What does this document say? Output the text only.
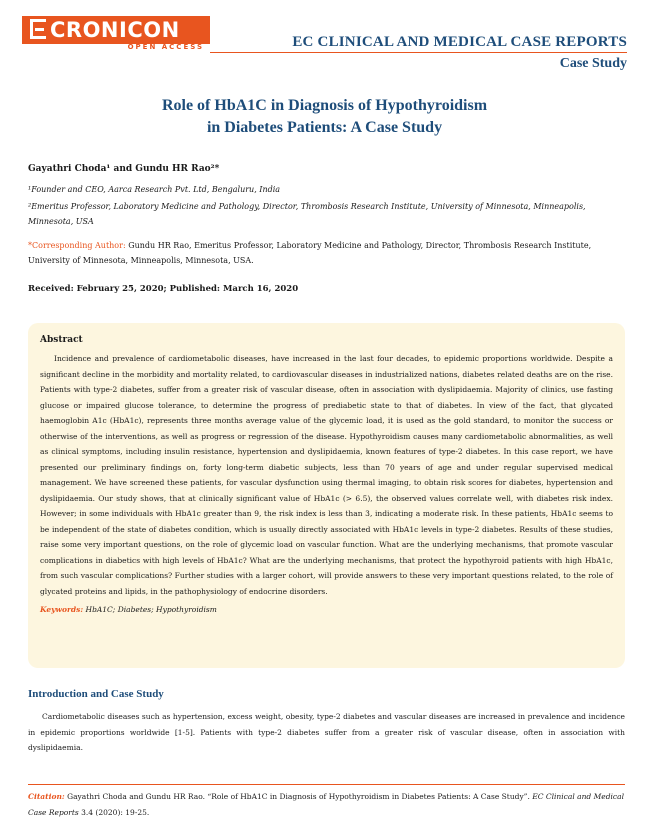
CRONICON
OPEN ACCESS	EC CLINICAL AND MEDICAL CASE REPORTS
Case Study
Role of HbA1C in Diagnosis of Hypothyroidism
in Diabetes Patients: A Case Study
Gayathri Choda¹ and Gundu HR Rao²*
¹Founder and CEO, Aarca Research Pvt. Ltd, Bengaluru, India
²Emeritus Professor, Laboratory Medicine and Pathology, Director, Thrombosis Research Institute, University of Minnesota, Minneapolis, Minnesota, USA
*Corresponding Author: Gundu HR Rao, Emeritus Professor, Laboratory Medicine and Pathology, Director, Thrombosis Research Institute, University of Minnesota, Minneapolis, Minnesota, USA.
Received: February 25, 2020; Published: March 16, 2020
Abstract
Incidence and prevalence of cardiometabolic diseases, have increased in the last four decades, to epidemic proportions worldwide. Despite a significant decline in the morbidity and mortality related, to cardiovascular diseases in industrialized nations, diabetes related deaths are on the rise. Patients with type-2 diabetes, suffer from a greater risk of vascular disease, often in association with dyslipidaemia. Majority of clinics, use fasting glucose or impaired glucose tolerance, to determine the progress of prediabetic state to that of diabetes. In view of the fact, that glycated haemoglobin A1c (HbA1c), represents three months average value of the glycemic load, it is used as the gold standard, to monitor the success or otherwise of the interventions, as well as progress or regression of the disease. Hypothyroidism causes many cardiometabolic abnormalities, as well as clinical symptoms, including insulin resistance, hypertension and dyslipidaemia, known features of type-2 diabetes. In this case report, we have presented our preliminary findings on, forty long-term diabetic subjects, less than 70 years of age and under regular supervised medical management. We have screened these patients, for vascular dysfunction using thermal imaging, to obtain risk scores for diabetes, hypertension and dyslipidaemia. Our study shows, that at clinically significant value of HbA1c (> 6.5), the observed values correlate well, with diabetes risk index. However; in some individuals with HbA1c greater than 9, the risk index is less than 3, indicating a moderate risk. In these patients, HbA1c seems to be independent of the state of diabetes condition, which is usually directly associated with HbA1c levels in type-2 diabetes. Results of these studies, raise some very important questions, on the role of glycemic load on vascular function. What are the underlying mechanisms, that promote vascular complications in diabetics with high levels of HbA1c? What are the underlying mechanisms, that protect the hypothyroid patients with high HbA1c, from such vascular complications? Further studies with a larger cohort, will provide answers to these very important questions related, to the role of glycated proteins and lipids, in the pathophysiology of endocrine disorders.
Keywords: HbA1C; Diabetes; Hypothyroidism
Introduction and Case Study
Cardiometabolic diseases such as hypertension, excess weight, obesity, type-2 diabetes and vascular diseases are increased in prevalence and incidence in epidemic proportions worldwide [1-5]. Patients with type-2 diabetes suffer from a greater risk of vascular disease, often in association with dyslipidaemia.
Citation: Gayathri Choda and Gundu HR Rao. “Role of HbA1C in Diagnosis of Hypothyroidism in Diabetes Patients: A Case Study”. EC Clinical and Medical Case Reports 3.4 (2020): 19-25.
